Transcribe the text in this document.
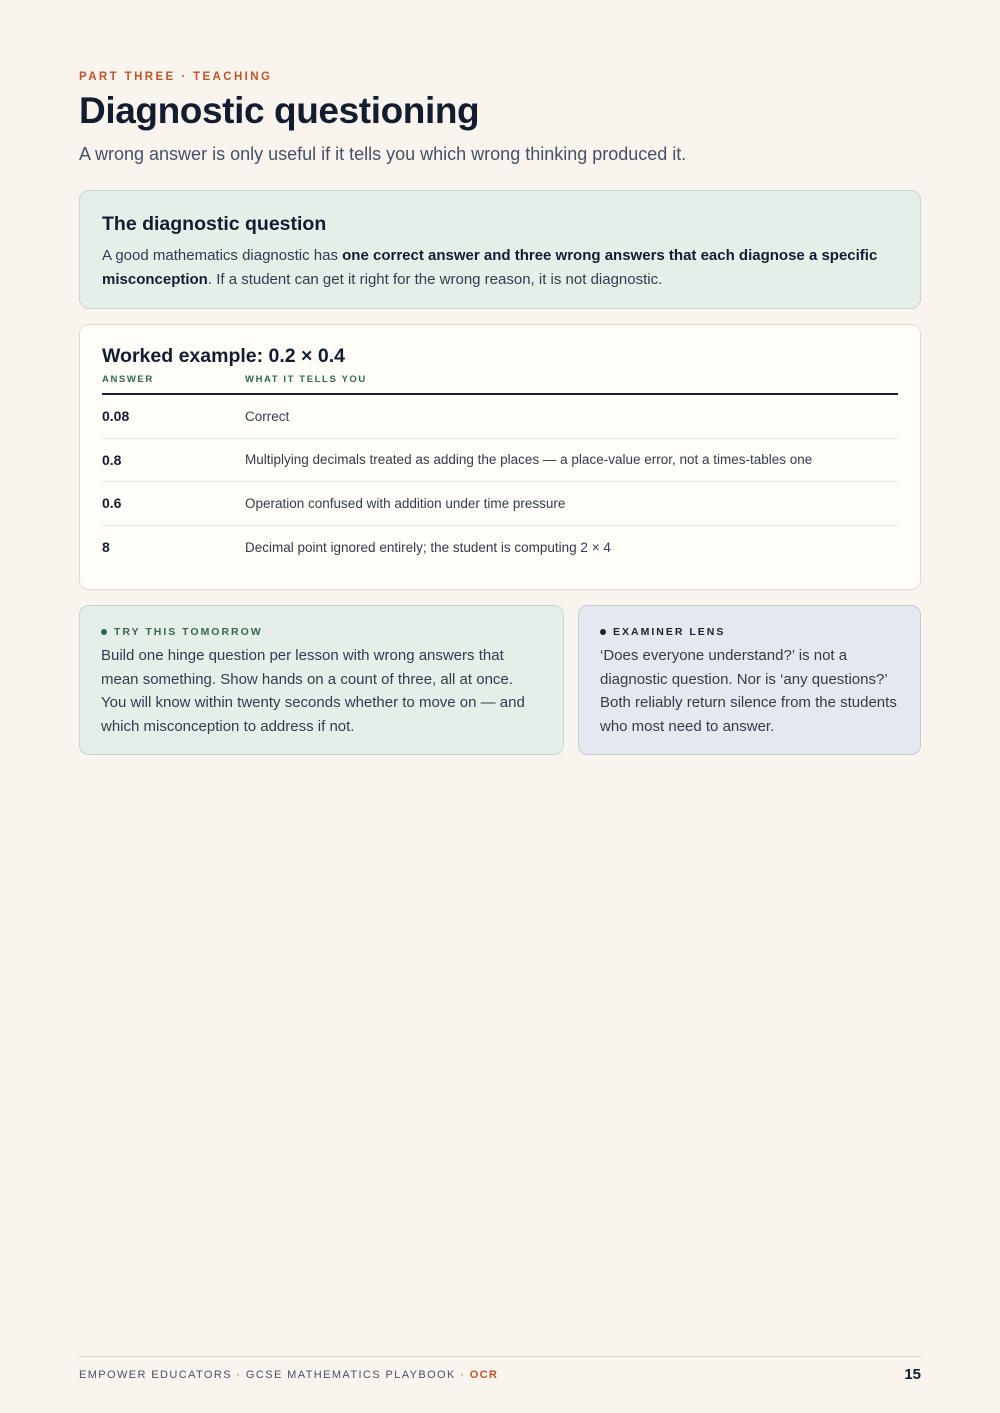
PART THREE · TEACHING
Diagnostic questioning
A wrong answer is only useful if it tells you which wrong thinking produced it.
The diagnostic question

A good mathematics diagnostic has one correct answer and three wrong answers that each diagnose a specific misconception. If a student can get it right for the wrong reason, it is not diagnostic.

Worked example: 0.2 × 0.4
ANSWER	WHAT IT TELLS YOU
0.08	Correct
0.8	Multiplying decimals treated as adding the places — a place-value error, not a times-tables one
0.6	Operation confused with addition under time pressure
8	Decimal point ignored entirely; the student is computing 2 × 4
TRY THIS TOMORROW

Build one hinge question per lesson with wrong answers that mean something. Show hands on a count of three, all at once. You will know within twenty seconds whether to move on — and which misconception to address if not.

EXAMINER LENS

‘Does everyone understand?’ is not a diagnostic question. Nor is ‘any questions?’ Both reliably return silence from the students who most need to answer.

EMPOWER EDUCATORS · GCSE MATHEMATICS PLAYBOOK · OCR	15
